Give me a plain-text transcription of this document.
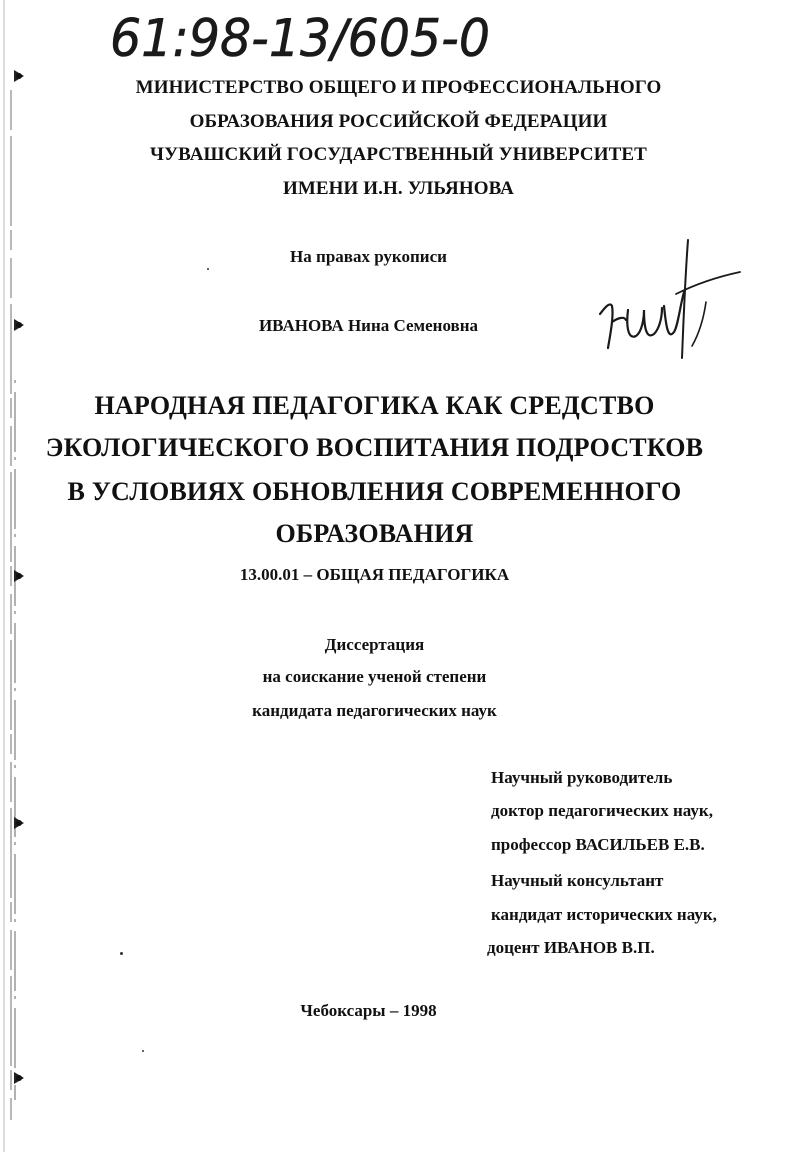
61:98-13/605-0
МИНИСТЕРСТВО ОБЩЕГО И ПРОФЕССИОНАЛЬНОГО
ОБРАЗОВАНИЯ РОССИЙСКОЙ ФЕДЕРАЦИИ
ЧУВАШСКИЙ ГОСУДАРСТВЕННЫЙ УНИВЕРСИТЕТ
ИМЕНИ И.Н. УЛЬЯНОВА
На правах рукописи
ИВАНОВА Нина Семеновна
НАРОДНАЯ ПЕДАГОГИКА КАК СРЕДСТВО
ЭКОЛОГИЧЕСКОГО ВОСПИТАНИЯ ПОДРОСТКОВ
В УСЛОВИЯХ ОБНОВЛЕНИЯ СОВРЕМЕННОГО
ОБРАЗОВАНИЯ
13.00.01 – ОБЩАЯ ПЕДАГОГИКА
Диссертация
на соискание ученой степени
кандидата педагогических наук
Научный руководитель
доктор педагогических наук,
профессор ВАСИЛЬЕВ Е.В.
Научный консультант
кандидат исторических наук,
доцент ИВАНОВ В.П.
Чебоксары – 1998
